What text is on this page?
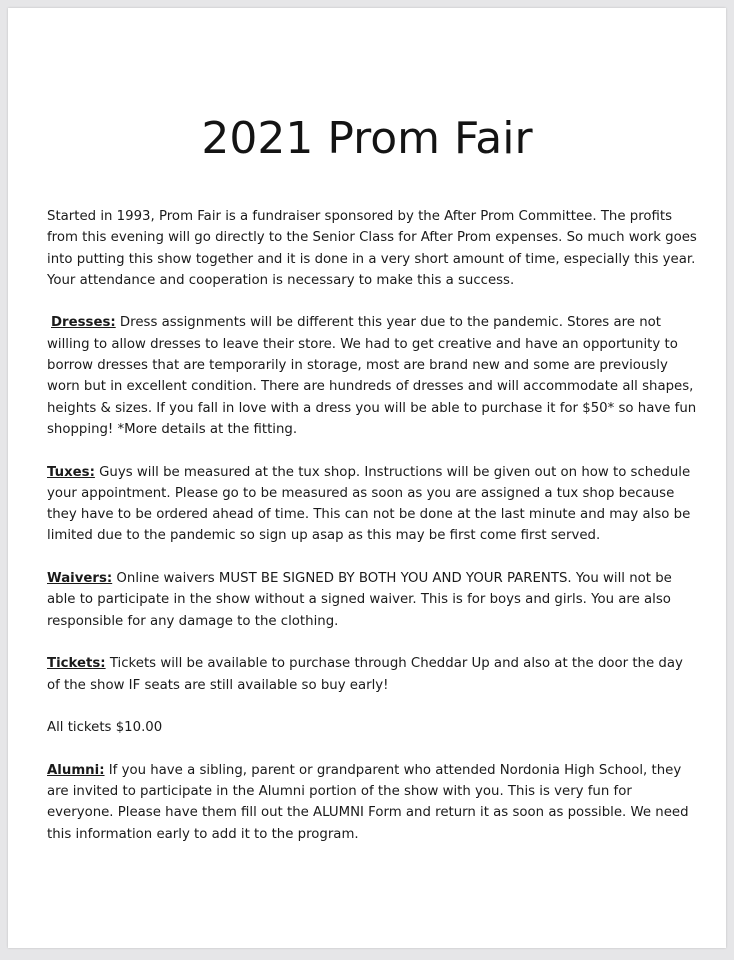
2021 Prom Fair

Started in 1993, Prom Fair is a fundraiser sponsored by the After Prom Committee. The profits from this evening will go directly to the Senior Class for After Prom expenses. So much work goes into putting this show together and it is done in a very short amount of time, especially this year. Your attendance and cooperation is necessary to make this a success.

Dresses: Dress assignments will be different this year due to the pandemic. Stores are not willing to allow dresses to leave their store. We had to get creative and have an opportunity to borrow dresses that are temporarily in storage, most are brand new and some are previously worn but in excellent condition. There are hundreds of dresses and will accommodate all shapes, heights & sizes. If you fall in love with a dress you will be able to purchase it for $50* so have fun shopping! *More details at the fitting.

Tuxes: Guys will be measured at the tux shop. Instructions will be given out on how to schedule your appointment. Please go to be measured as soon as you are assigned a tux shop because they have to be ordered ahead of time. This can not be done at the last minute and may also be limited due to the pandemic so sign up asap as this may be first come first served.

Waivers: Online waivers MUST BE SIGNED BY BOTH YOU AND YOUR PARENTS. You will not be able to participate in the show without a signed waiver. This is for boys and girls. You are also responsible for any damage to the clothing.

Tickets: Tickets will be available to purchase through Cheddar Up and also at the door the day of the show IF seats are still available so buy early!

All tickets $10.00

Alumni: If you have a sibling, parent or grandparent who attended Nordonia High School, they are invited to participate in the Alumni portion of the show with you. This is very fun for everyone. Please have them fill out the ALUMNI Form and return it as soon as possible. We need this information early to add it to the program.
